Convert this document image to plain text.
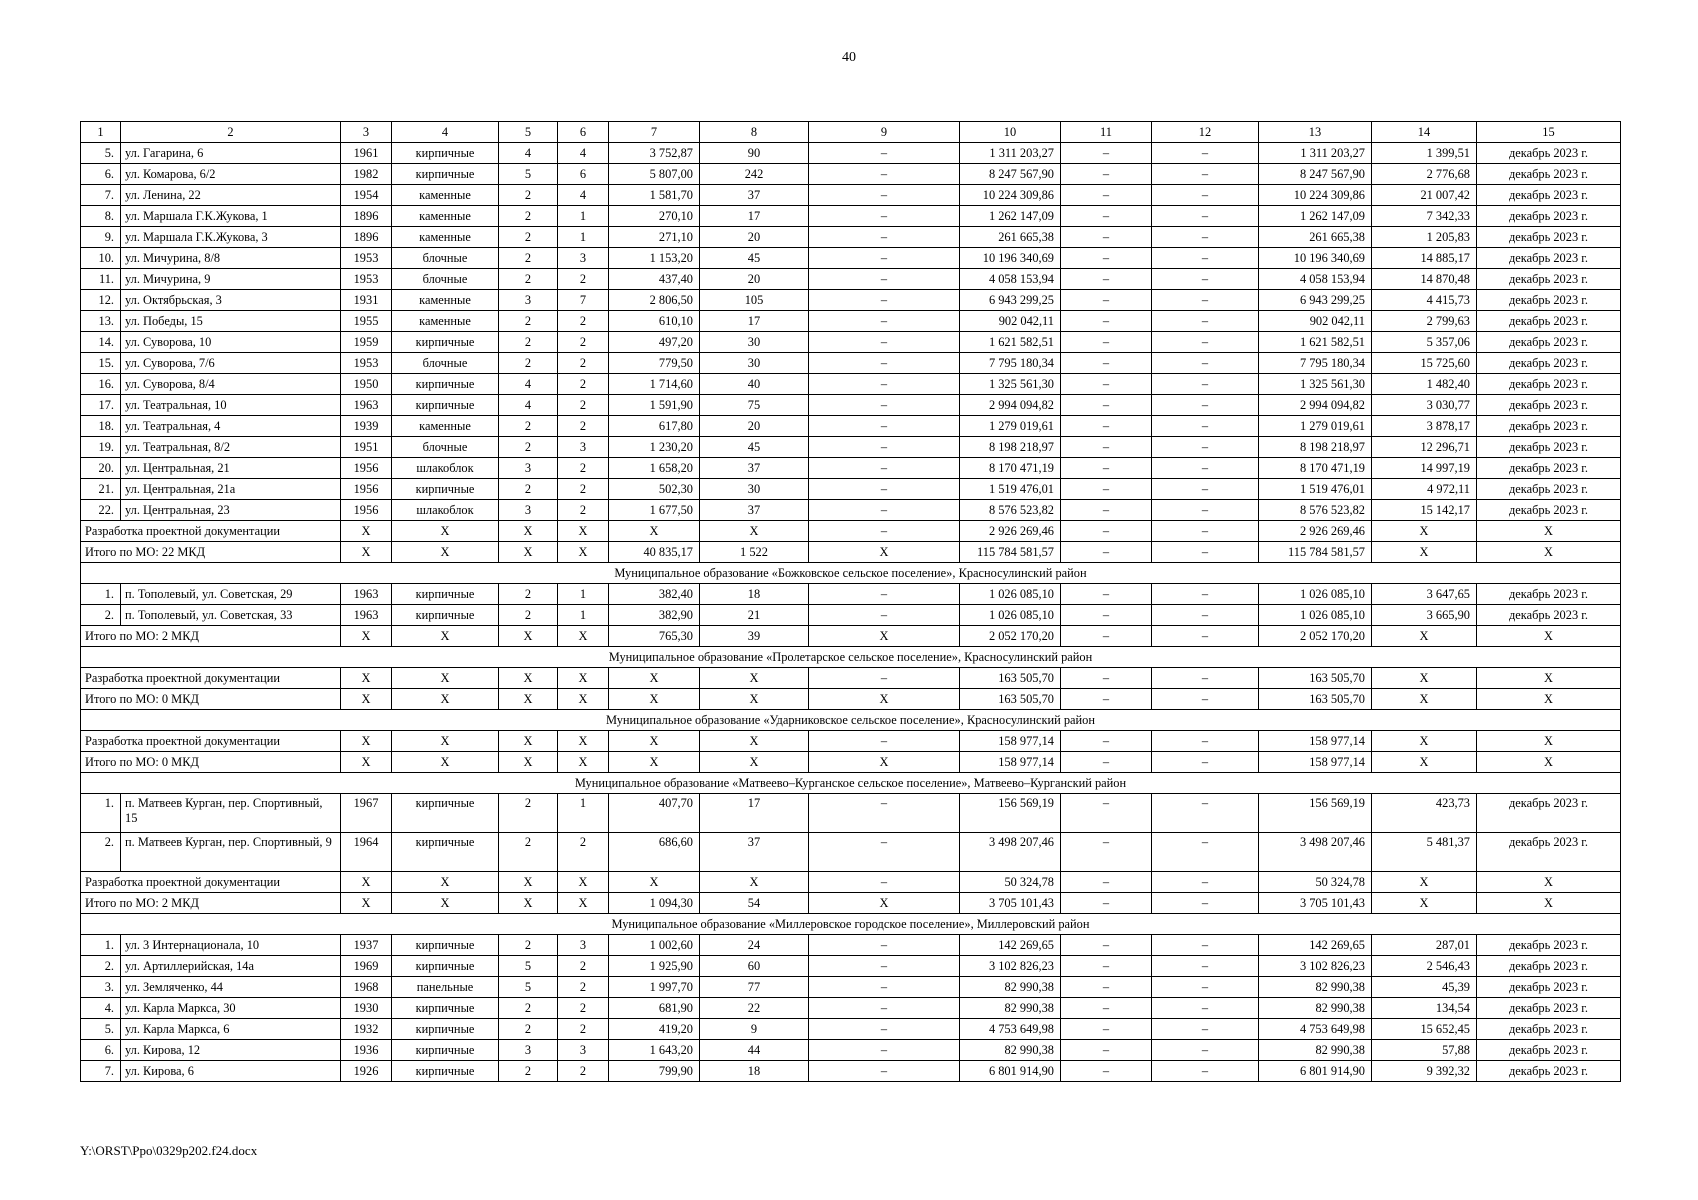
40
1	2	3	4	5	6	7	8	9	10	11	12	13	14	15
5.	ул. Гагарина, 6	1961	кирпичные	4	4	3 752,87	90	–	1 311 203,27	–	–	1 311 203,27	1 399,51	декабрь 2023 г.
6.	ул. Комарова, 6/2	1982	кирпичные	5	6	5 807,00	242	–	8 247 567,90	–	–	8 247 567,90	2 776,68	декабрь 2023 г.
7.	ул. Ленина, 22	1954	каменные	2	4	1 581,70	37	–	10 224 309,86	–	–	10 224 309,86	21 007,42	декабрь 2023 г.
8.	ул. Маршала Г.К.Жукова, 1	1896	каменные	2	1	270,10	17	–	1 262 147,09	–	–	1 262 147,09	7 342,33	декабрь 2023 г.
9.	ул. Маршала Г.К.Жукова, 3	1896	каменные	2	1	271,10	20	–	261 665,38	–	–	261 665,38	1 205,83	декабрь 2023 г.
10.	ул. Мичурина, 8/8	1953	блочные	2	3	1 153,20	45	–	10 196 340,69	–	–	10 196 340,69	14 885,17	декабрь 2023 г.
11.	ул. Мичурина, 9	1953	блочные	2	2	437,40	20	–	4 058 153,94	–	–	4 058 153,94	14 870,48	декабрь 2023 г.
12.	ул. Октябрьская, 3	1931	каменные	3	7	2 806,50	105	–	6 943 299,25	–	–	6 943 299,25	4 415,73	декабрь 2023 г.
13.	ул. Победы, 15	1955	каменные	2	2	610,10	17	–	902 042,11	–	–	902 042,11	2 799,63	декабрь 2023 г.
14.	ул. Суворова, 10	1959	кирпичные	2	2	497,20	30	–	1 621 582,51	–	–	1 621 582,51	5 357,06	декабрь 2023 г.
15.	ул. Суворова, 7/6	1953	блочные	2	2	779,50	30	–	7 795 180,34	–	–	7 795 180,34	15 725,60	декабрь 2023 г.
16.	ул. Суворова, 8/4	1950	кирпичные	4	2	1 714,60	40	–	1 325 561,30	–	–	1 325 561,30	1 482,40	декабрь 2023 г.
17.	ул. Театральная, 10	1963	кирпичные	4	2	1 591,90	75	–	2 994 094,82	–	–	2 994 094,82	3 030,77	декабрь 2023 г.
18.	ул. Театральная, 4	1939	каменные	2	2	617,80	20	–	1 279 019,61	–	–	1 279 019,61	3 878,17	декабрь 2023 г.
19.	ул. Театральная, 8/2	1951	блочные	2	3	1 230,20	45	–	8 198 218,97	–	–	8 198 218,97	12 296,71	декабрь 2023 г.
20.	ул. Центральная, 21	1956	шлакоблок	3	2	1 658,20	37	–	8 170 471,19	–	–	8 170 471,19	14 997,19	декабрь 2023 г.
21.	ул. Центральная, 21а	1956	кирпичные	2	2	502,30	30	–	1 519 476,01	–	–	1 519 476,01	4 972,11	декабрь 2023 г.
22.	ул. Центральная, 23	1956	шлакоблок	3	2	1 677,50	37	–	8 576 523,82	–	–	8 576 523,82	15 142,17	декабрь 2023 г.
Разработка проектной документации		X	X	X	X	X	X	–	2 926 269,46	–	–	2 926 269,46	X	X
Итого по МО: 22 МКД		X	X	X	X	40 835,17	1 522	X	115 784 581,57	–	–	115 784 581,57	X	X
Муниципальное образование «Божковское сельское поселение», Красносулинский район														
1.	п. Тополевый, ул. Советская, 29	1963	кирпичные	2	1	382,40	18	–	1 026 085,10	–	–	1 026 085,10	3 647,65	декабрь 2023 г.
2.	п. Тополевый, ул. Советская, 33	1963	кирпичные	2	1	382,90	21	–	1 026 085,10	–	–	1 026 085,10	3 665,90	декабрь 2023 г.
Итого по МО: 2 МКД		X	X	X	X	765,30	39	X	2 052 170,20	–	–	2 052 170,20	X	X
Муниципальное образование «Пролетарское сельское поселение», Красносулинский район														
Разработка проектной документации		X	X	X	X	X	X	–	163 505,70	–	–	163 505,70	X	X
Итого по МО: 0 МКД		X	X	X	X	X	X	X	163 505,70	–	–	163 505,70	X	X
Муниципальное образование «Ударниковское сельское поселение», Красносулинский район														
Разработка проектной документации		X	X	X	X	X	X	–	158 977,14	–	–	158 977,14	X	X
Итого по МО: 0 МКД		X	X	X	X	X	X	X	158 977,14	–	–	158 977,14	X	X
Муниципальное образование «Матвеево–Курганское сельское поселение», Матвеево–Курганский район														
1.	п. Матвеев Курган, пер. Спортивный, 15	1967	кирпичные	2	1	407,70	17	–	156 569,19	–	–	156 569,19	423,73	декабрь 2023 г.
2.	п. Матвеев Курган, пер. Спортивный, 9	1964	кирпичные	2	2	686,60	37	–	3 498 207,46	–	–	3 498 207,46	5 481,37	декабрь 2023 г.
Разработка проектной документации		X	X	X	X	X	X	–	50 324,78	–	–	50 324,78	X	X
Итого по МО: 2 МКД		X	X	X	X	1 094,30	54	X	3 705 101,43	–	–	3 705 101,43	X	X
Муниципальное образование «Миллеровское городское поселение», Миллеровский район														
1.	ул. 3 Интернационала, 10	1937	кирпичные	2	3	1 002,60	24	–	142 269,65	–	–	142 269,65	287,01	декабрь 2023 г.
2.	ул. Артиллерийская, 14а	1969	кирпичные	5	2	1 925,90	60	–	3 102 826,23	–	–	3 102 826,23	2 546,43	декабрь 2023 г.
3.	ул. Земляченко, 44	1968	панельные	5	2	1 997,70	77	–	82 990,38	–	–	82 990,38	45,39	декабрь 2023 г.
4.	ул. Карла Маркса, 30	1930	кирпичные	2	2	681,90	22	–	82 990,38	–	–	82 990,38	134,54	декабрь 2023 г.
5.	ул. Карла Маркса, 6	1932	кирпичные	2	2	419,20	9	–	4 753 649,98	–	–	4 753 649,98	15 652,45	декабрь 2023 г.
6.	ул. Кирова, 12	1936	кирпичные	3	3	1 643,20	44	–	82 990,38	–	–	82 990,38	57,88	декабрь 2023 г.
7.	ул. Кирова, 6	1926	кирпичные	2	2	799,90	18	–	6 801 914,90	–	–	6 801 914,90	9 392,32	декабрь 2023 г.
Y:\ORST\Ppo\0329p202.f24.docx
